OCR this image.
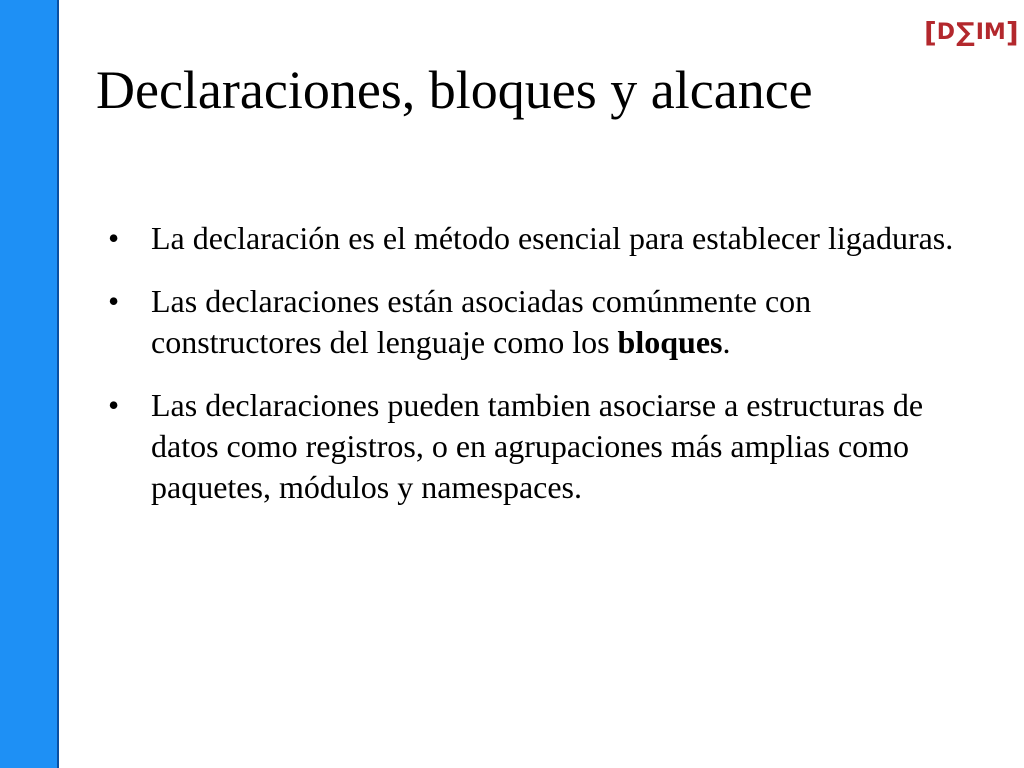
[ D ∑ IM ]
Declaraciones, bloques y alcance
• La declaración es el método esencial para establecer ligaduras.
• Las declaraciones están asociadas comúnmente con constructores del lenguaje como los bloques.
• Las declaraciones pueden tambien asociarse a estructuras de datos como registros, o en agrupaciones más amplias como paquetes, módulos y namespaces.
